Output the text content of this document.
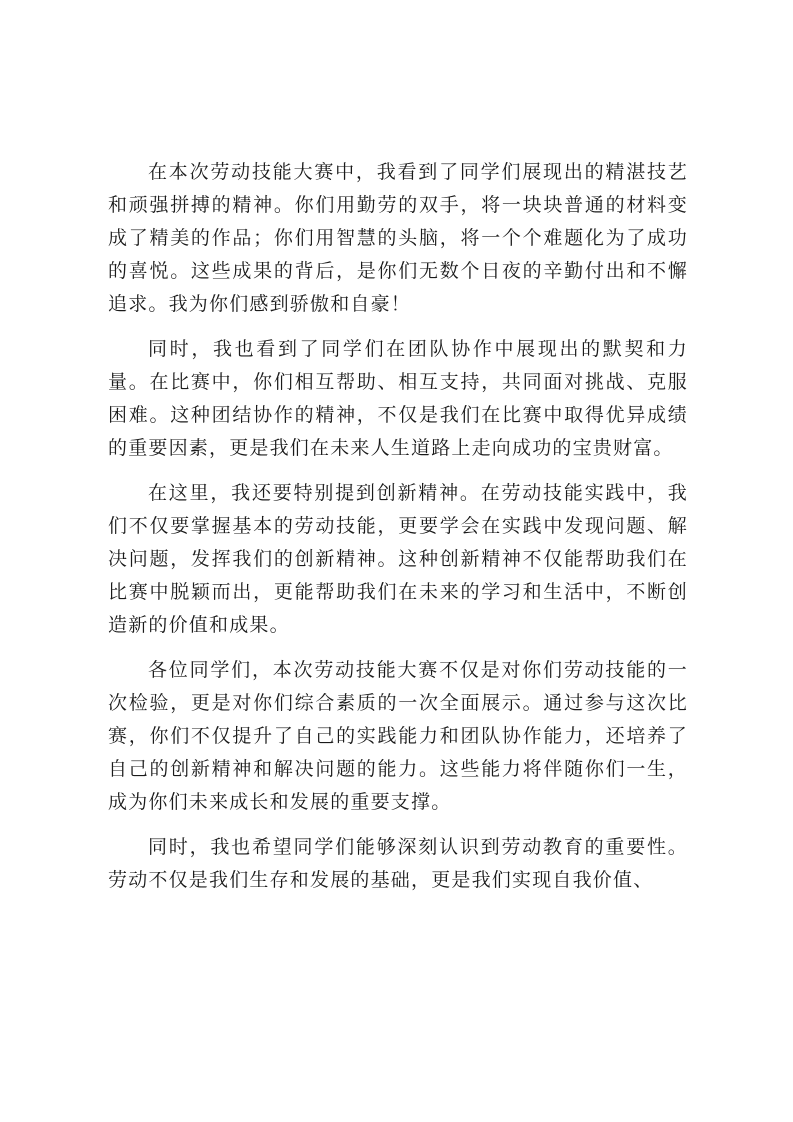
在本次劳动技能大赛中，我看到了同学们展现出的精湛技艺和顽强拼搏的精神。你们用勤劳的双手，将一块块普通的材料变成了精美的作品；你们用智慧的头脑，将一个个难题化为了成功的喜悦。这些成果的背后，是你们无数个日夜的辛勤付出和不懈追求。我为你们感到骄傲和自豪！

同时，我也看到了同学们在团队协作中展现出的默契和力量。在比赛中，你们相互帮助、相互支持，共同面对挑战、克服困难。这种团结协作的精神，不仅是我们在比赛中取得优异成绩的重要因素，更是我们在未来人生道路上走向成功的宝贵财富。

在这里，我还要特别提到创新精神。在劳动技能实践中，我们不仅要掌握基本的劳动技能，更要学会在实践中发现问题、解决问题，发挥我们的创新精神。这种创新精神不仅能帮助我们在比赛中脱颖而出，更能帮助我们在未来的学习和生活中，不断创造新的价值和成果。

各位同学们，本次劳动技能大赛不仅是对你们劳动技能的一次检验，更是对你们综合素质的一次全面展示。通过参与这次比赛，你们不仅提升了自己的实践能力和团队协作能力，还培养了自己的创新精神和解决问题的能力。这些能力将伴随你们一生，成为你们未来成长和发展的重要支撑。

同时，我也希望同学们能够深刻认识到劳动教育的重要性。劳动不仅是我们生存和发展的基础，更是我们实现自我价值、
